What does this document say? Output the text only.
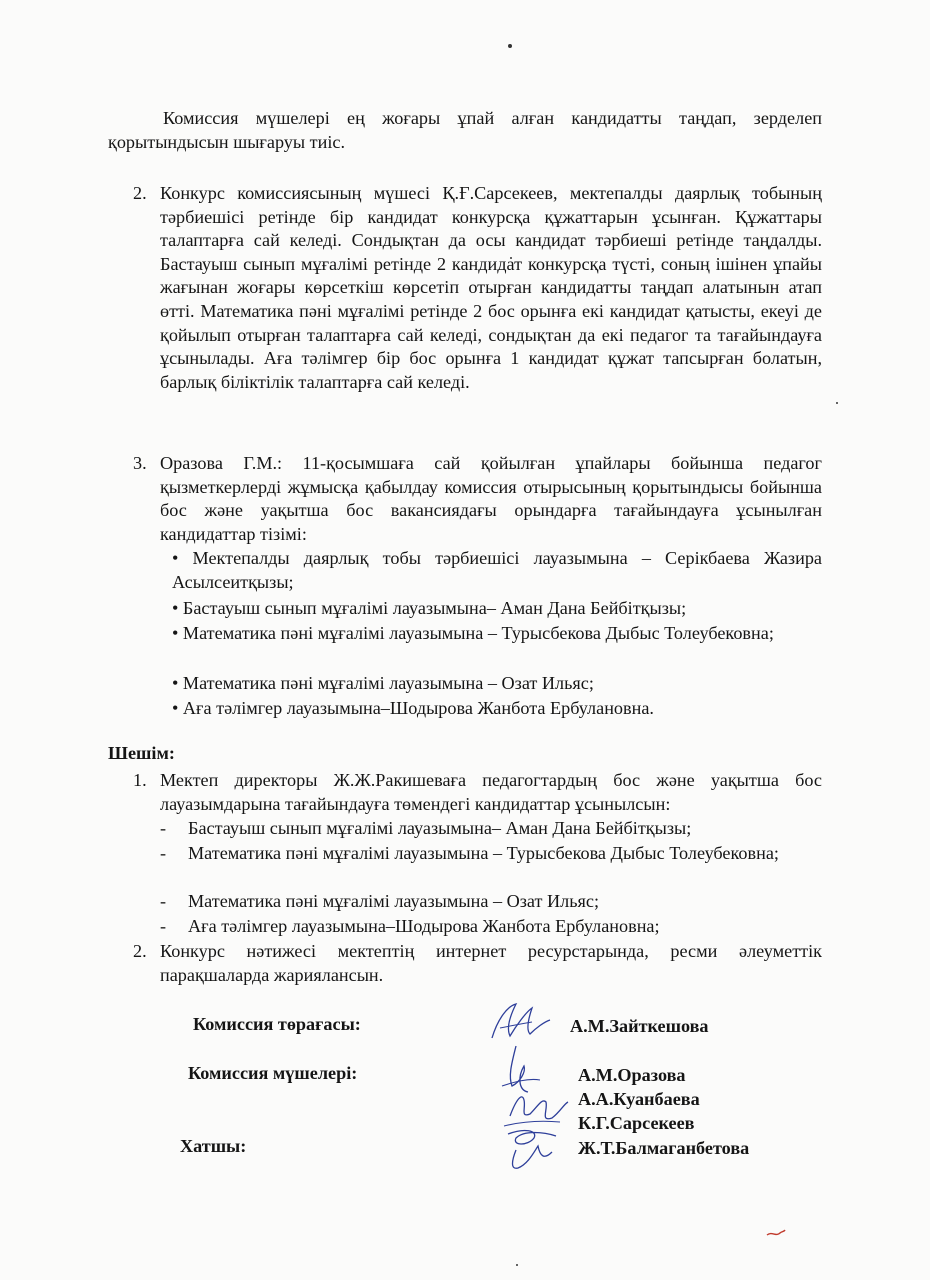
Комиссия мүшелері ең жоғары ұпай алған кандидатты таңдап, зерделеп қорытындысын шығаруы тиіс.
2. Конкурс комиссиясының мүшесі Қ.Ғ.Сарсекеев, мектепалды даярлық тобының тәрбиешісі ретінде бір кандидат конкурсқа құжаттарын ұсынған. Құжаттары талаптарға сай келеді. Сондықтан да осы кандидат тәрбиеші ретінде таңдалды. Бастауыш сынып мұғалімі ретінде 2 кандидат конкурсқа түсті, соның ішінен ұпайы жағынан жоғары көрсеткіш көрсетіп отырған кандидатты таңдап алатынын атап өтті. Математика пәні мұғалімі ретінде 2 бос орынға екі кандидат қатысты, екеуі де қойылып отырған талаптарға сай келеді, сондықтан да екі педагог та тағайындауға ұсынылады. Аға тәлімгер бір бос орынға 1 кандидат құжат тапсырған болатын, барлық біліктілік талаптарға сай келеді.
3. Оразова Г.М.: 11-қосымшаға сай қойылған ұпайлары бойынша педагог қызметкерлерді жұмысқа қабылдау комиссия отырысының қорытындысы бойынша бос және уақытша бос вакансиядағы орындарға тағайындауға ұсынылған кандидаттар тізімі:
• Мектепалды даярлық тобы тәрбиешісі лауазымына – Серікбаева Жазира Асылсеитқызы;
• Бастауыш сынып мұғалімі лауазымына– Аман Дана Бейбітқызы;
• Математика пәні мұғалімі лауазымына – Турысбекова Дыбыс Толеубековна;
• Математика пәні мұғалімі лауазымына – Озат Ильяс;
• Аға тәлімгер лауазымына–Шодырова Жанбота Ербулановна.
Шешім:
1. Мектеп директоры Ж.Ж.Ракишеваға педагогтардың бос және уақытша бос лауазымдарына тағайындауға төмендегі кандидаттар ұсынылсын:
- Бастауыш сынып мұғалімі лауазымына– Аман Дана Бейбітқызы;
- Математика пәні мұғалімі лауазымына – Турысбекова Дыбыс Толеубековна;
- Математика пәні мұғалімі лауазымына – Озат Ильяс;
- Аға тәлімгер лауазымына–Шодырова Жанбота Ербулановна;
2. Конкурс нәтижесі мектептің интернет ресурстарында, ресми әлеуметтік парақшаларда жариялансын.
Комиссия төрағасы:	А.М.Зайткешова
Комиссия мүшелері:	А.М.Оразова
А.А.Куанбаева
К.Г.Сарсекеев
Хатшы:	Ж.Т.Балмаганбетова
